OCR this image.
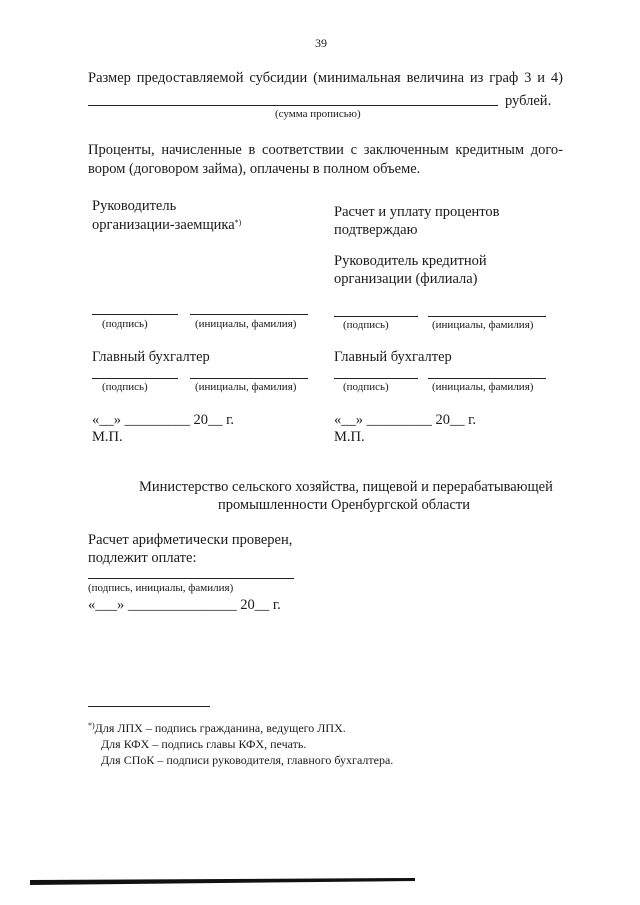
39
Размер предоставляемой субсидии (минимальная величина из граф 3 и 4)
рублей.
(сумма прописью)
Проценты, начисленные в соответствии с заключенным кредитным дого-
вором (договором займа), оплачены в полном объеме.
Руководитель
организации-заемщика*)
(подпись)	(инициалы, фамилия)
Главный бухгалтер
(подпись)	(инициалы, фамилия)
«__» _________ 20__ г.
М.П.
Расчет и уплату процентов
подтверждаю
Руководитель кредитной
организации (филиала)
(подпись)	(инициалы, фамилия)
Главный бухгалтер
(подпись)	(инициалы, фамилия)
«__» _________ 20__ г.
М.П.
Министерство сельского хозяйства, пищевой и перерабатывающей
промышленности Оренбургской области
Расчет арифметически проверен,
подлежит оплате:
(подпись, инициалы, фамилия)
«___» _______________ 20__ г.
*)Для ЛПХ – подпись гражданина, ведущего ЛПХ.
Для КФХ – подпись главы КФХ, печать.
Для СПоК – подписи руководителя, главного бухгалтера.
